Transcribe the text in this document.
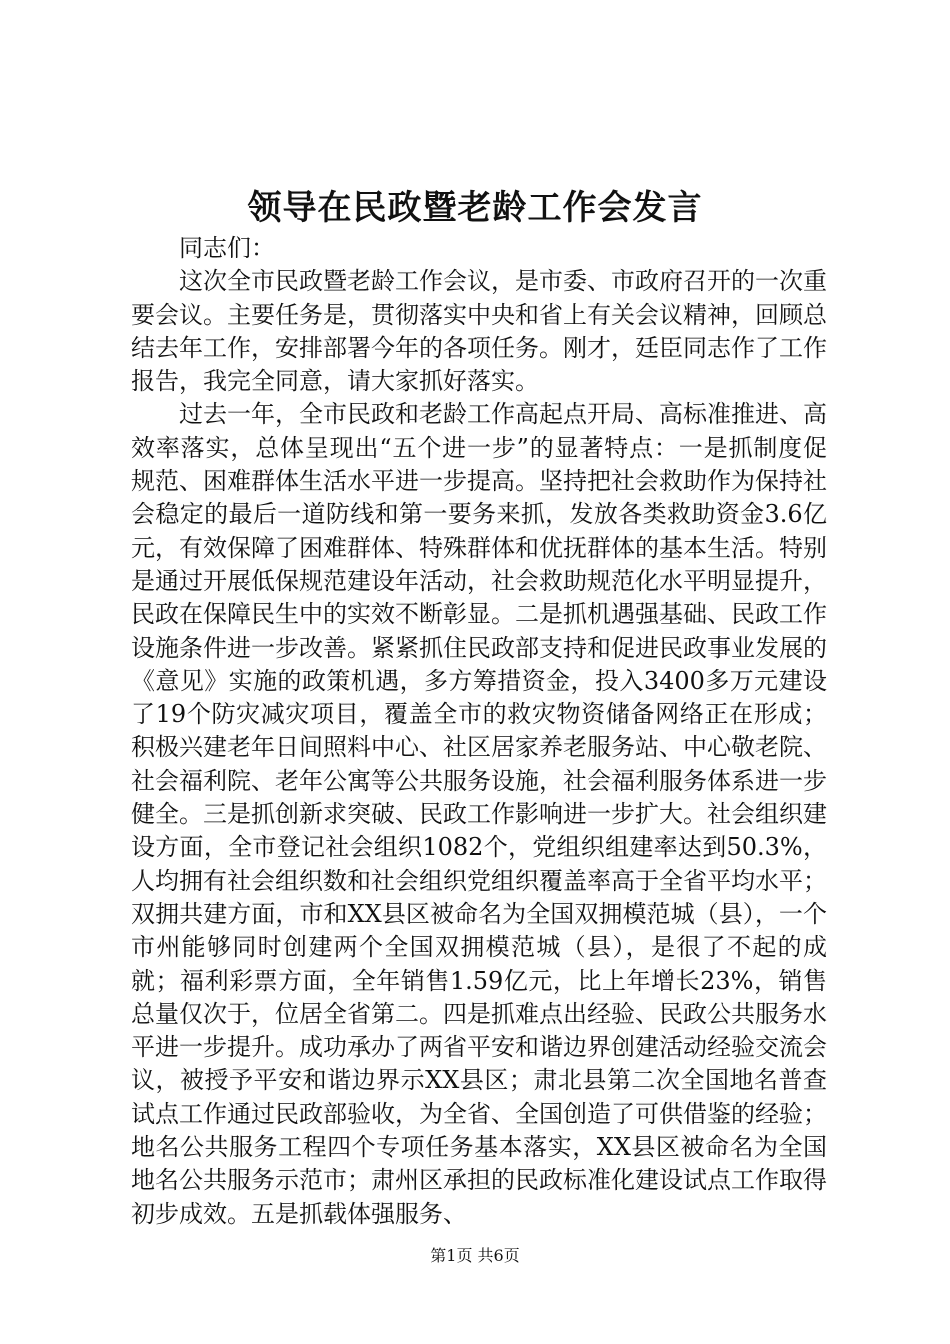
领导在民政暨老龄工作会发言

同志们：

这次全市民政暨老龄工作会议，是市委、市政府召开的一次重要会议。主要任务是，贯彻落实中央和省上有关会议精神，回顾总结去年工作，安排部署今年的各项任务。刚才，廷臣同志作了工作报告，我完全同意，请大家抓好落实。

过去一年，全市民政和老龄工作高起点开局、高标准推进、高效率落实，总体呈现出“五个进一步”的显著特点：一是抓制度促规范、困难群体生活水平进一步提高。坚持把社会救助作为保持社会稳定的最后一道防线和第一要务来抓，发放各类救助资金3.6亿元，有效保障了困难群体、特殊群体和优抚群体的基本生活。特别是通过开展低保规范建设年活动，社会救助规范化水平明显提升，民政在保障民生中的实效不断彰显。二是抓机遇强基础、民政工作设施条件进一步改善。紧紧抓住民政部支持和促进民政事业发展的《意见》实施的政策机遇，多方筹措资金，投入3400多万元建设了19个防灾减灾项目，覆盖全市的救灾物资储备网络正在形成；积极兴建老年日间照料中心、社区居家养老服务站、中心敬老院、社会福利院、老年公寓等公共服务设施，社会福利服务体系进一步健全。三是抓创新求突破、民政工作影响进一步扩大。社会组织建设方面，全市登记社会组织1082个，党组织组建率达到50.3%，人均拥有社会组织数和社会组织党组织覆盖率高于全省平均水平；双拥共建方面，市和XX县区被命名为全国双拥模范城（县），一个市州能够同时创建两个全国双拥模范城（县），是很了不起的成就；福利彩票方面，全年销售1.59亿元，比上年增长23%，销售总量仅次于，位居全省第二。四是抓难点出经验、民政公共服务水平进一步提升。成功承办了两省平安和谐边界创建活动经验交流会议，被授予平安和谐边界示XX县区；肃北县第二次全国地名普查试点工作通过民政部验收，为全省、全国创造了可供借鉴的经验；地名公共服务工程四个专项任务基本落实，XX县区被命名为全国地名公共服务示范市；肃州区承担的民政标准化建设试点工作取得初步成效。五是抓载体强服务、

第1页 共6页
